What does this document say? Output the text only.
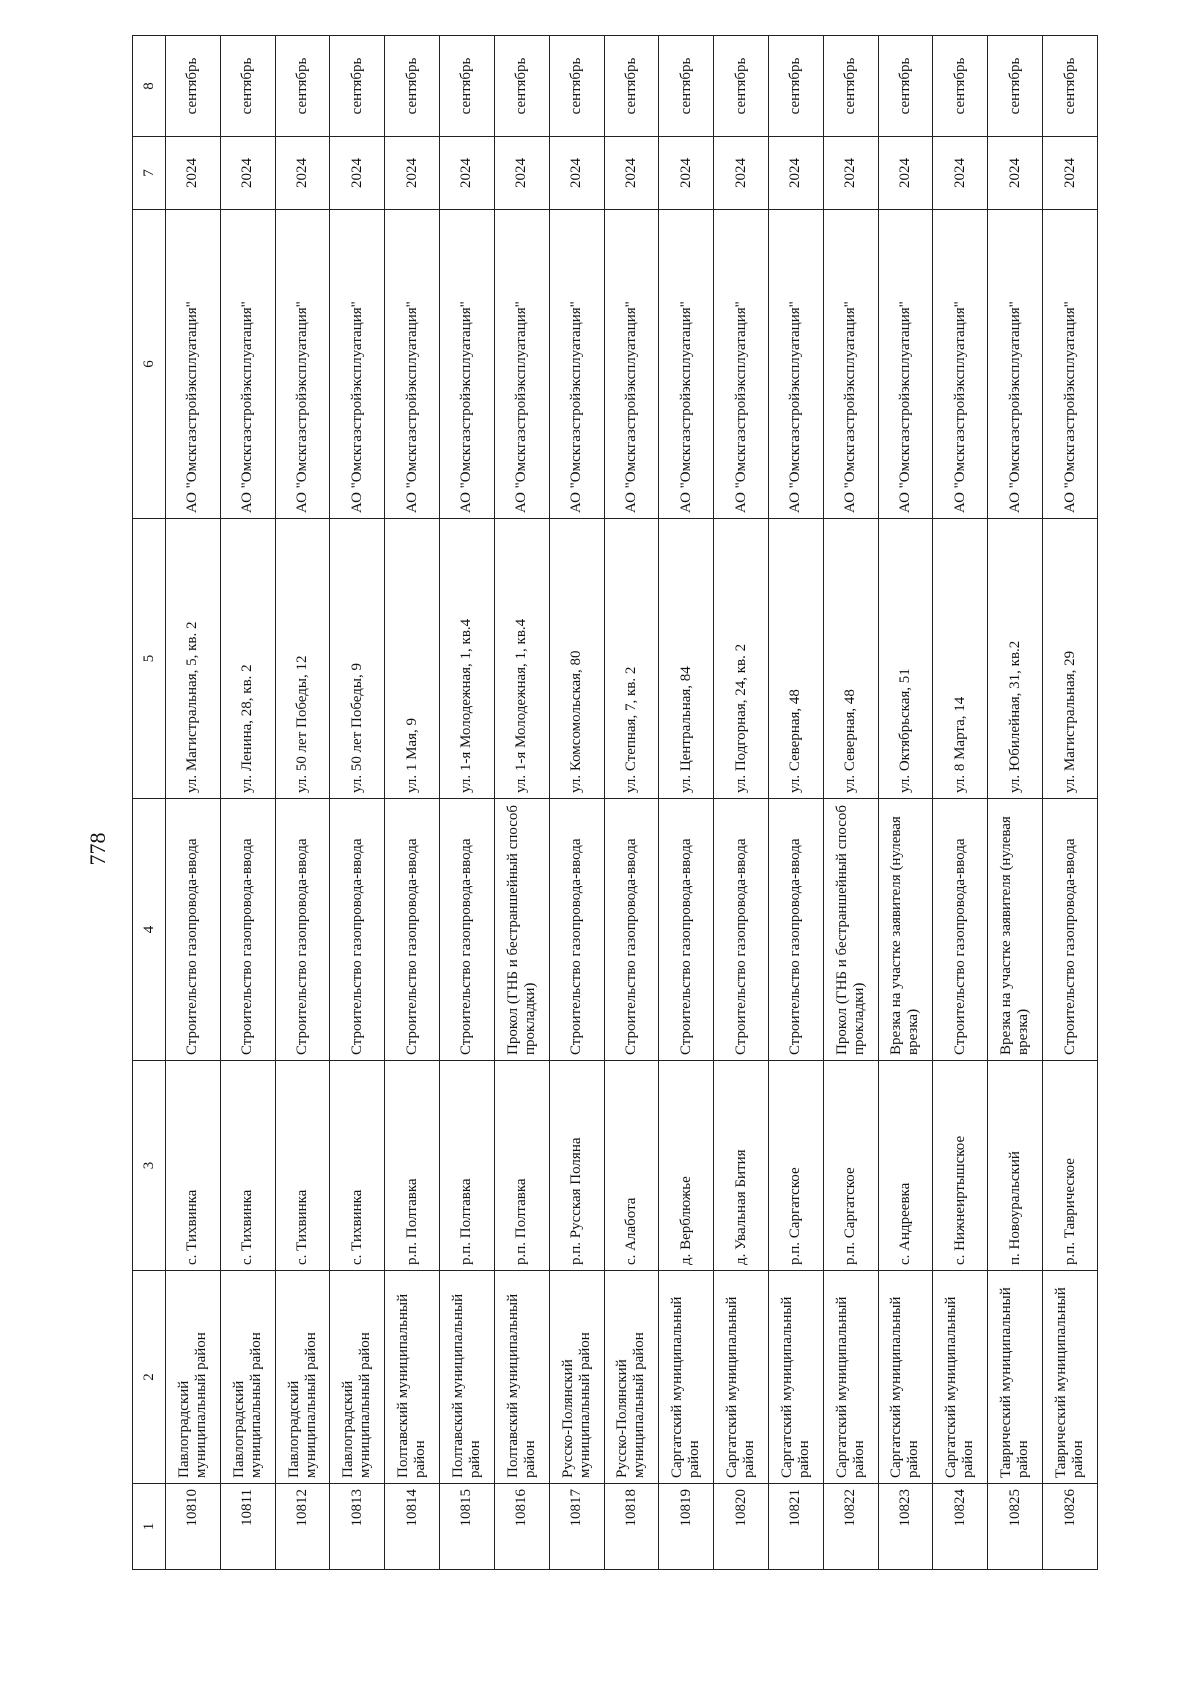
778
1	2	3	4	5	6	7	8
10810	Павлоградский муниципальный район	с. Тихвинка	Строительство газопровода-ввода	ул. Магистральная, 5, кв. 2	АО "Омскгазстройэксплуатация"	2024	сентябрь
10811	Павлоградский муниципальный район	с. Тихвинка	Строительство газопровода-ввода	ул. Ленина, 28, кв. 2	АО "Омскгазстройэксплуатация"	2024	сентябрь
10812	Павлоградский муниципальный район	с. Тихвинка	Строительство газопровода-ввода	ул. 50 лет Победы, 12	АО "Омскгазстройэксплуатация"	2024	сентябрь
10813	Павлоградский муниципальный район	с. Тихвинка	Строительство газопровода-ввода	ул. 50 лет Победы, 9	АО "Омскгазстройэксплуатация"	2024	сентябрь
10814	Полтавский муниципальный район	р.п. Полтавка	Строительство газопровода-ввода	ул. 1 Мая, 9	АО "Омскгазстройэксплуатация"	2024	сентябрь
10815	Полтавский муниципальный район	р.п. Полтавка	Строительство газопровода-ввода	ул. 1-я Молодежная, 1, кв.4	АО "Омскгазстройэксплуатация"	2024	сентябрь
10816	Полтавский муниципальный район	р.п. Полтавка	Прокол (ГНБ и бестраншейный способ прокладки)	ул. 1-я Молодежная, 1, кв.4	АО "Омскгазстройэксплуатация"	2024	сентябрь
10817	Русско-Полянский муниципальный район	р.п. Русская Поляна	Строительство газопровода-ввода	ул. Комсомольская, 80	АО "Омскгазстройэксплуатация"	2024	сентябрь
10818	Русско-Полянский муниципальный район	с. Алабота	Строительство газопровода-ввода	ул. Степная, 7, кв. 2	АО "Омскгазстройэксплуатация"	2024	сентябрь
10819	Саргатский муниципальный район	д. Верблюжье	Строительство газопровода-ввода	ул. Центральная, 84	АО "Омскгазстройэксплуатация"	2024	сентябрь
10820	Саргатский муниципальный район	д. Увальная Бития	Строительство газопровода-ввода	ул. Подгорная, 24, кв. 2	АО "Омскгазстройэксплуатация"	2024	сентябрь
10821	Саргатский муниципальный район	р.п. Саргатское	Строительство газопровода-ввода	ул. Северная, 48	АО "Омскгазстройэксплуатация"	2024	сентябрь
10822	Саргатский муниципальный район	р.п. Саргатское	Прокол (ГНБ и бестраншейный способ прокладки)	ул. Северная, 48	АО "Омскгазстройэксплуатация"	2024	сентябрь
10823	Саргатский муниципальный район	с. Андреевка	Врезка на участке заявителя (нулевая врезка)	ул. Октябрьская, 51	АО "Омскгазстройэксплуатация"	2024	сентябрь
10824	Саргатский муниципальный район	с. Нижнеиртышское	Строительство газопровода-ввода	ул. 8 Марта, 14	АО "Омскгазстройэксплуатация"	2024	сентябрь
10825	Таврический муниципальный район	п. Новоуральский	Врезка на участке заявителя (нулевая врезка)	ул. Юбилейная, 31, кв.2	АО "Омскгазстройэксплуатация"	2024	сентябрь
10826	Таврический муниципальный район	р.п. Таврическое	Строительство газопровода-ввода	ул. Магистральная, 29	АО "Омскгазстройэксплуатация"	2024	сентябрь
